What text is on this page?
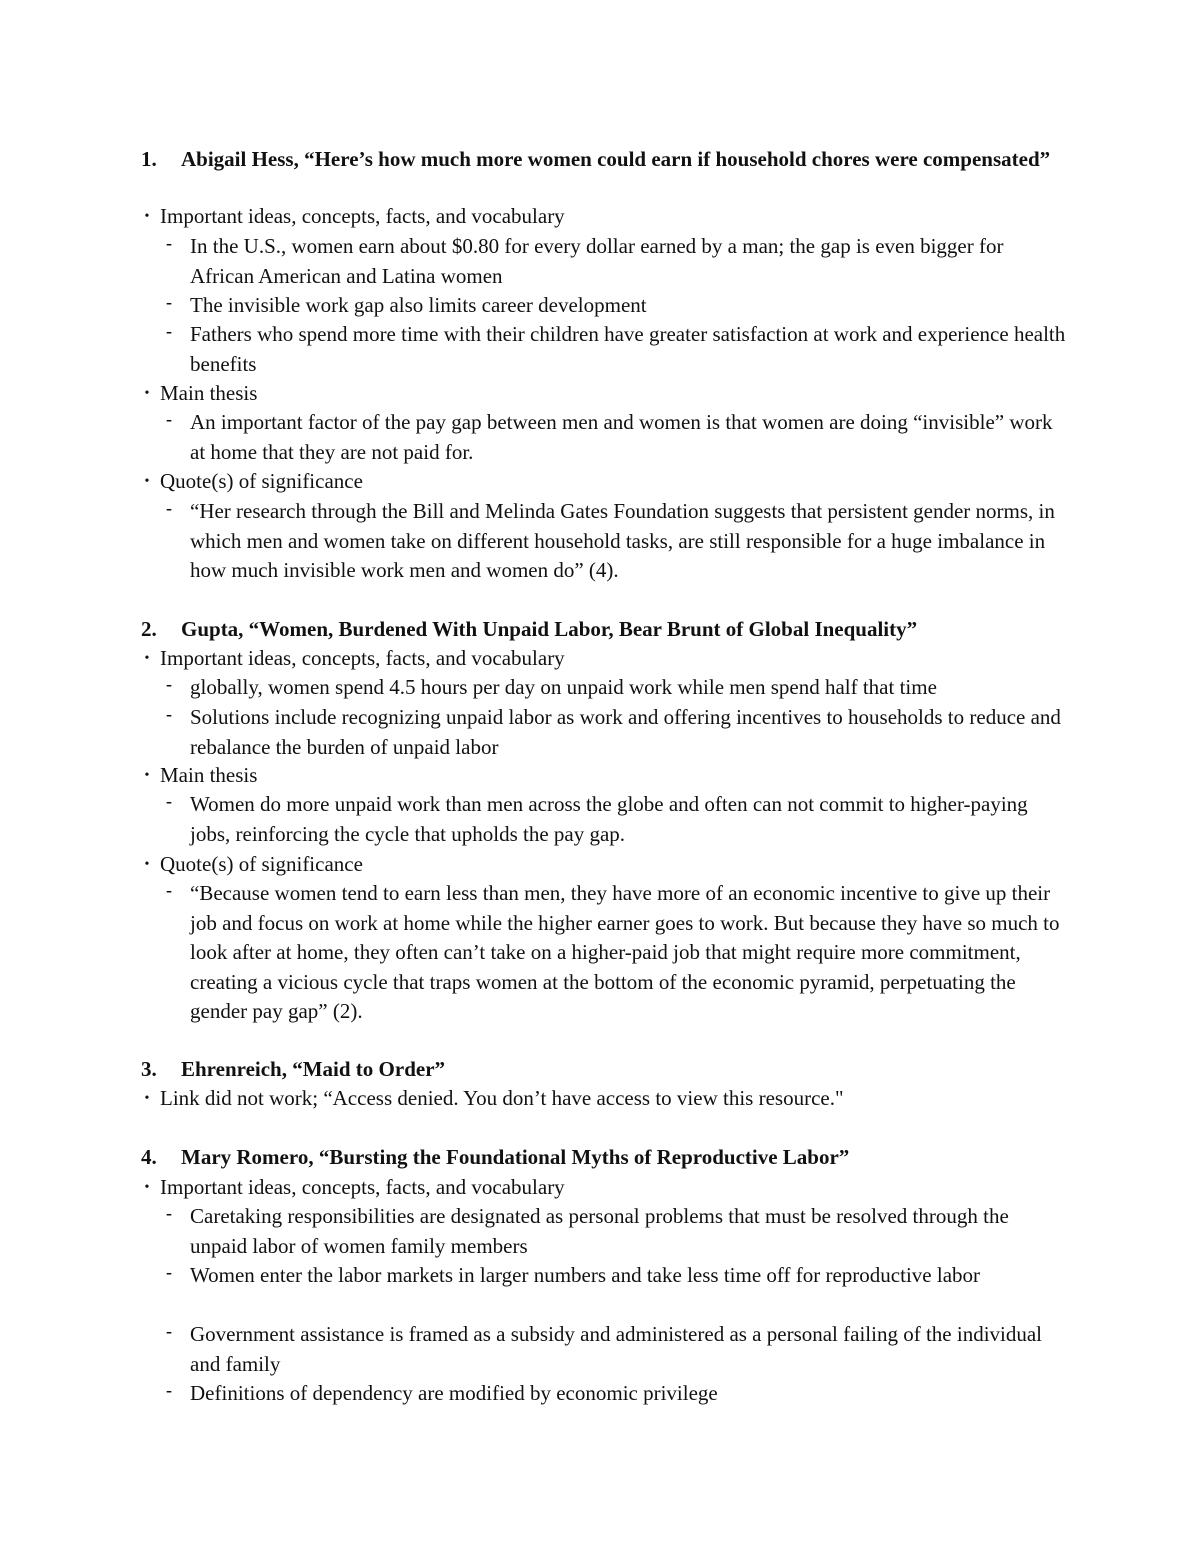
1.	Abigail Hess, “Here’s how much more women could earn if household chores were compensated”
• Important ideas, concepts, facts, and vocabulary
- In the U.S., women earn about $0.80 for every dollar earned by a man; the gap is even bigger for African American and Latina women
- The invisible work gap also limits career development
- Fathers who spend more time with their children have greater satisfaction at work and experience health benefits
• Main thesis
- An important factor of the pay gap between men and women is that women are doing “invisible” work at home that they are not paid for.
• Quote(s) of significance
- “Her research through the Bill and Melinda Gates Foundation suggests that persistent gender norms, in which men and women take on different household tasks, are still responsible for a huge imbalance in how much invisible work men and women do” (4).
2.	Gupta, “Women, Burdened With Unpaid Labor, Bear Brunt of Global Inequality”
• Important ideas, concepts, facts, and vocabulary
- globally, women spend 4.5 hours per day on unpaid work while men spend half that time
- Solutions include recognizing unpaid labor as work and offering incentives to households to reduce and rebalance the burden of unpaid labor
• Main thesis
- Women do more unpaid work than men across the globe and often can not commit to higher-paying jobs, reinforcing the cycle that upholds the pay gap.
• Quote(s) of significance
- “Because women tend to earn less than men, they have more of an economic incentive to give up their job and focus on work at home while the higher earner goes to work. But because they have so much to look after at home, they often can’t take on a higher-paid job that might require more commitment, creating a vicious cycle that traps women at the bottom of the economic pyramid, perpetuating the gender pay gap” (2).
3.	Ehrenreich, “Maid to Order”
• Link did not work; “Access denied. You don’t have access to view this resource."
4.	Mary Romero, “Bursting the Foundational Myths of Reproductive Labor”
• Important ideas, concepts, facts, and vocabulary
- Caretaking responsibilities are designated as personal problems that must be resolved through the unpaid labor of women family members
- Women enter the labor markets in larger numbers and take less time off for reproductive labor
- Government assistance is framed as a subsidy and administered as a personal failing of the individual and family
- Definitions of dependency are modified by economic privilege
